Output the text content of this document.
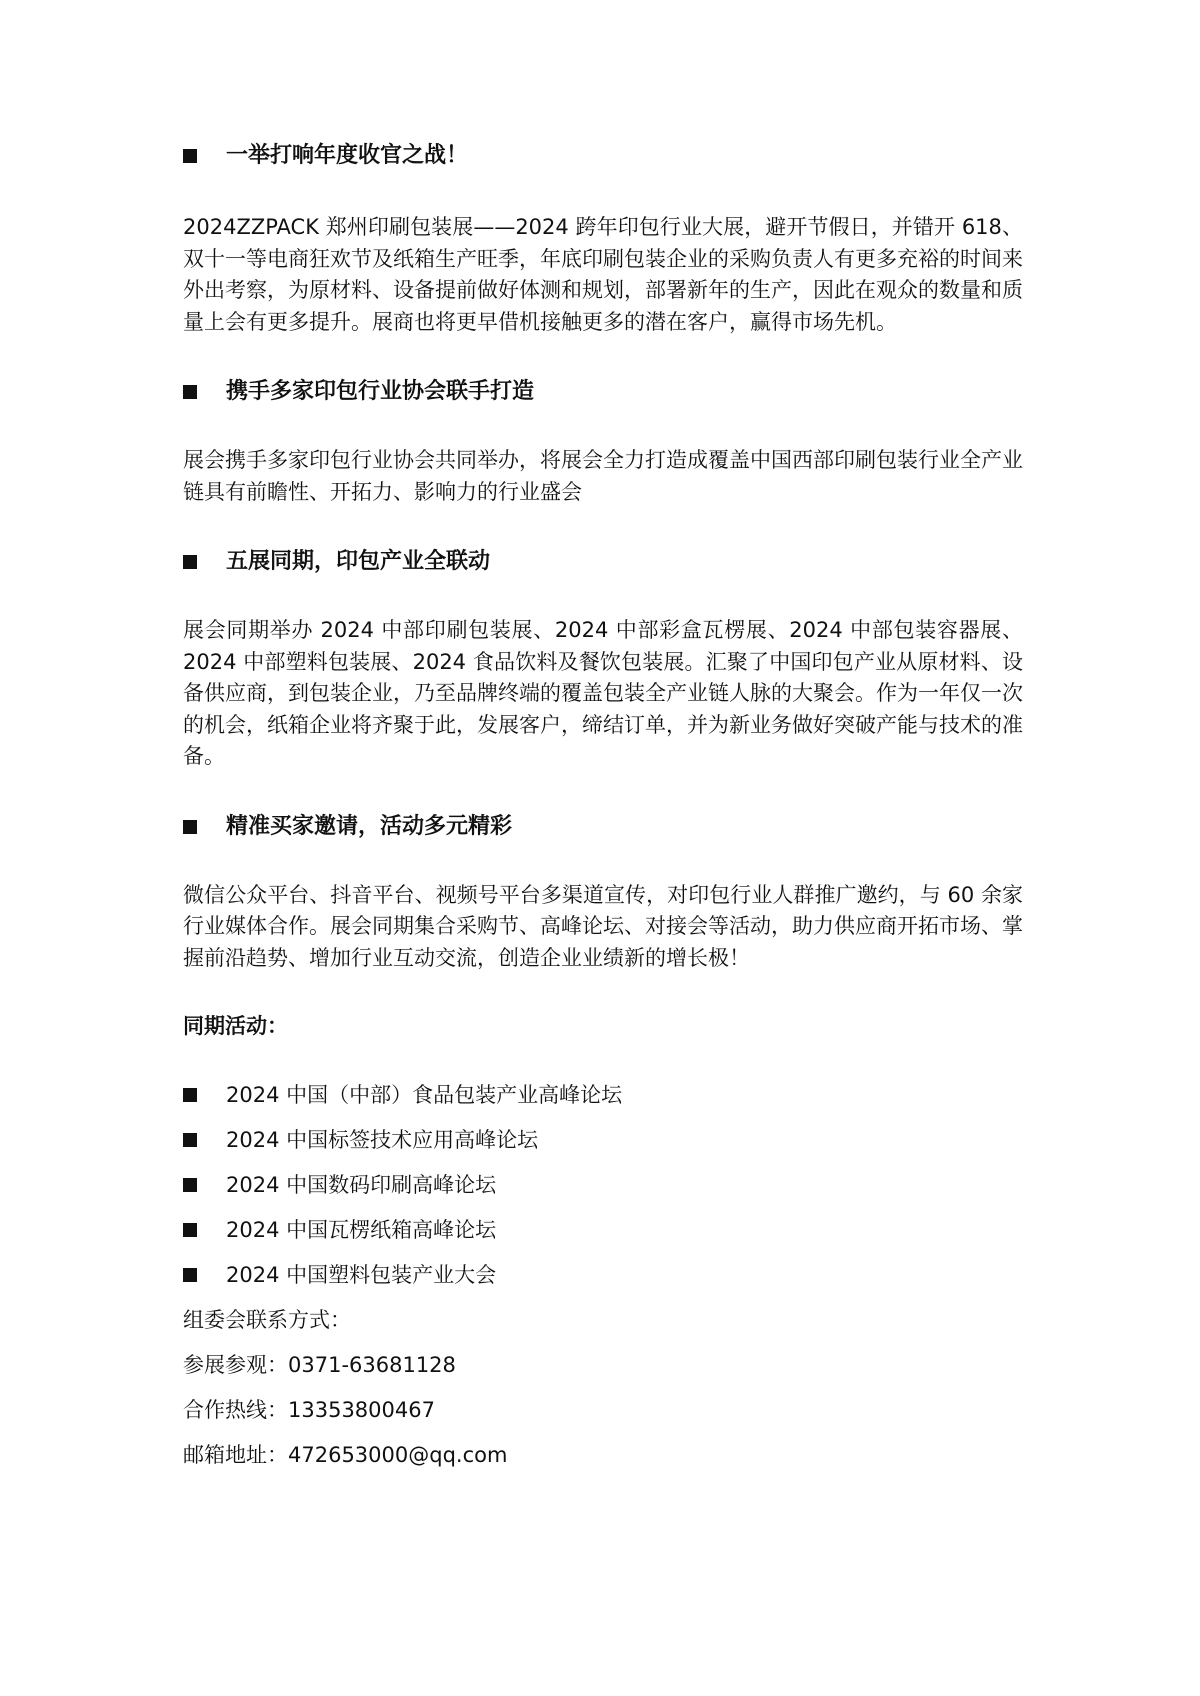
一举打响年度收官之战！

2024ZZPACK 郑州印刷包装展——2024 跨年印包行业大展，避开节假日，并错开 618、双十一等电商狂欢节及纸箱生产旺季，年底印刷包装企业的采购负责人有更多充裕的时间来外出考察，为原材料、设备提前做好体测和规划，部署新年的生产，因此在观众的数量和质量上会有更多提升。展商也将更早借机接触更多的潜在客户，赢得市场先机。

携手多家印包行业协会联手打造

展会携手多家印包行业协会共同举办，将展会全力打造成覆盖中国西部印刷包装行业全产业链具有前瞻性、开拓力、影响力的行业盛会

五展同期，印包产业全联动

展会同期举办 2024 中部印刷包装展、2024 中部彩盒瓦楞展、2024 中部包装容器展、2024 中部塑料包装展、2024 食品饮料及餐饮包装展。汇聚了中国印包产业从原材料、设备供应商，到包装企业，乃至品牌终端的覆盖包装全产业链人脉的大聚会。作为一年仅一次的机会，纸箱企业将齐聚于此，发展客户，缔结订单，并为新业务做好突破产能与技术的准备。

精准买家邀请，活动多元精彩

微信公众平台、抖音平台、视频号平台多渠道宣传，对印包行业人群推广邀约，与 60 余家行业媒体合作。展会同期集合采购节、高峰论坛、对接会等活动，助力供应商开拓市场、掌握前沿趋势、增加行业互动交流，创造企业业绩新的增长极！

同期活动：

2024 中国（中部）食品包装产业高峰论坛
2024 中国标签技术应用高峰论坛
2024 中国数码印刷高峰论坛
2024 中国瓦楞纸箱高峰论坛
2024 中国塑料包装产业大会
组委会联系方式：
参展参观： 0371-63681128
合作热线： 13353800467
邮箱地址： 472653000@qq.com
